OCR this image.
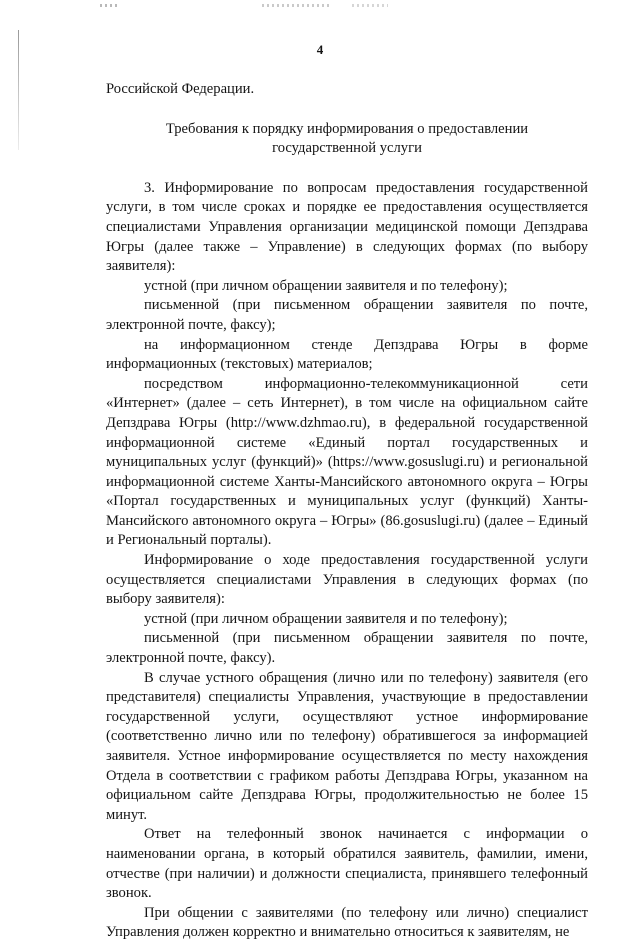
4
Российской Федерации.
Требования к порядку информирования о предоставлении
государственной услуги

3. Информирование по вопросам предоставления государственной услуги, в том числе сроках и порядке ее предоставления осуществляется специалистами Управления организации медицинской помощи Депздрава Югры (далее также – Управление) в следующих формах (по выбору заявителя):

устной (при личном обращении заявителя и по телефону);

письменной (при письменном обращении заявителя по почте, электронной почте, факсу);

на информационном стенде Депздрава Югры в форме информационных (текстовых) материалов;

посредством информационно-телекоммуникационной сети «Интернет» (далее – сеть Интернет), в том числе на официальном сайте Депздрава Югры (http://www.dzhmao.ru), в федеральной государственной информационной системе «Единый портал государственных и муниципальных услуг (функций)» (https://www.gosuslugi.ru) и региональной информационной системе Ханты-Мансийского автономного округа – Югры «Портал государственных и муниципальных услуг (функций) Ханты-Мансийского автономного округа – Югры» (86.gosuslugi.ru) (далее – Единый и Региональный порталы).

Информирование о ходе предоставления государственной услуги осуществляется специалистами Управления в следующих формах (по выбору заявителя):

устной (при личном обращении заявителя и по телефону);

письменной (при письменном обращении заявителя по почте, электронной почте, факсу).

В случае устного обращения (лично или по телефону) заявителя (его представителя) специалисты Управления, участвующие в предоставлении государственной услуги, осуществляют устное информирование (соответственно лично или по телефону) обратившегося за информацией заявителя. Устное информирование осуществляется по месту нахождения Отдела в соответствии с графиком работы Депздрава Югры, указанном на официальном сайте Депздрава Югры, продолжительностью не более 15 минут.

Ответ на телефонный звонок начинается с информации о наименовании органа, в который обратился заявитель, фамилии, имени, отчестве (при наличии) и должности специалиста, принявшего телефонный звонок.

При общении с заявителями (по телефону или лично) специалист Управления должен корректно и внимательно относиться к заявителям, не
